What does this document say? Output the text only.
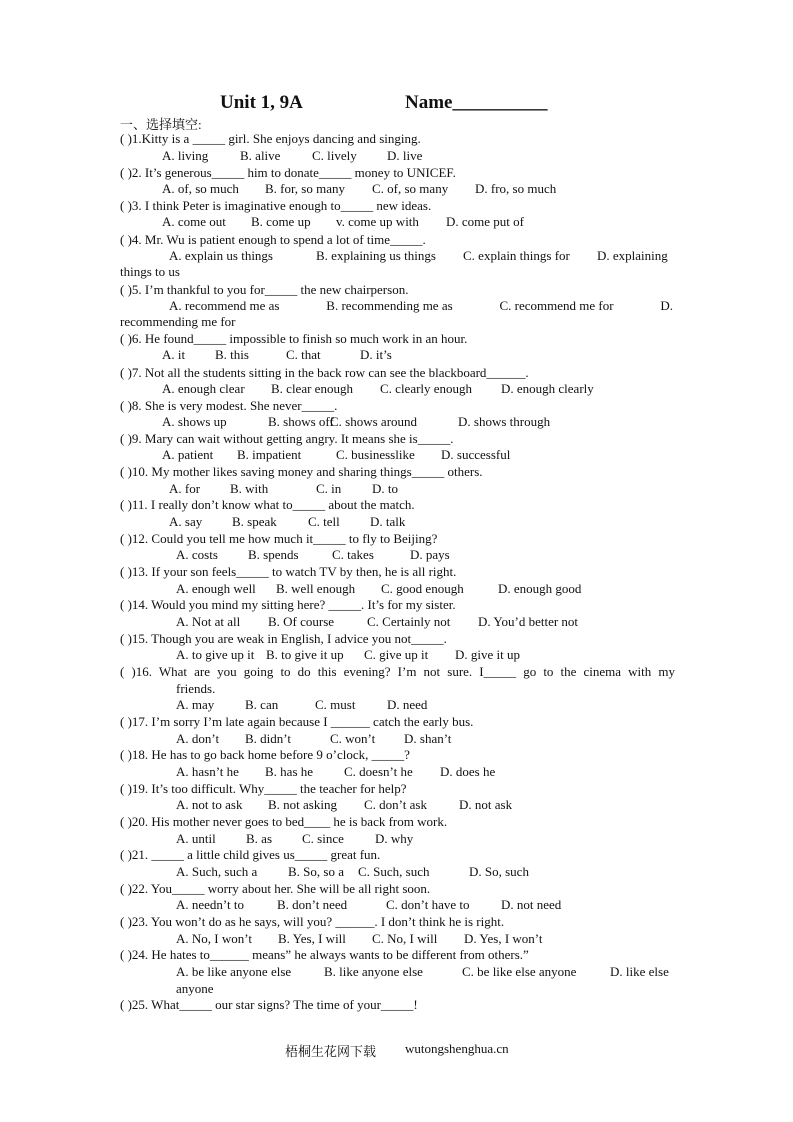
Unit 1, 9A	Name__________
一、选择填空:
( )1.Kitty is a _____ girl. She enjoys dancing and singing.
A. living B. alive C. lively D. live
( )2. It’s generous_____ him to donate_____ money to UNICEF.
A. of, so much B. for, so many C. of, so many D. fro, so much
( )3. I think Peter is imaginative enough to_____ new ideas.
A. come out B. come up v. come up with D. come put of
( )4. Mr. Wu is patient enough to spend a lot of time_____.
A. explain us things	B. explaining us things C. explain things for D. explaining
things to us
( )5. I’m thankful to you for_____ the new chairperson.
A. recommend me as	B. recommending me as	C. recommend me for	D.
recommending me for
( )6. He found_____ impossible to finish so much work in an hour.
A. it B. this	C. that	D. it’s
( )7. Not all the students sitting in the back row can see the blackboard______.
A. enough clear B. clear enough C. clearly enough D. enough clearly
( )8. She is very modest. She never_____.
A. shows up	B. shows off
C. shows around	D. shows through
( )9. Mary can wait without getting angry. It means she is_____.
A. patient B. impatient	C. businesslike D. successful
( )10. My mother likes saving money and sharing things_____ others.
A. for B. with	C. in D. to
( )11. I really don’t know what to_____ about the match.
A. say B. speak C. tell D. talk
( )12. Could you tell me how much it_____ to fly to Beijing?
A. costs B. spends	C. takes	D. pays
( )13. If your son feels_____ to watch TV by then, he is all right.
A. enough well B. well enough C. good enough	D. enough good
( )14. Would you mind my sitting here? _____. It’s for my sister.
A. Not at all B. Of course	C. Certainly not D. You’d better not
( )15. Though you are weak in English, I advice you not_____.
A. to give up it B. to give it up C. give up it D. give it up
( )16. What are you going to do this evening? I’m not sure. I_____ go to the cinema with my
A. may B. can	C. must D. need
friends.
( )17. I’m sorry I’m late again because I ______ catch the early bus.
A. don’t B. didn’t	C. won’t D. shan’t
( )18. He has to go back home before 9 o’clock, _____?
A. hasn’t he B. has he C. doesn’t he D. does he
( )19. It’s too difficult. Why_____ the teacher for help?
A. not to ask B. not asking C. don’t ask D. not ask
( )20. His mother never goes to bed____ he is back from work.
A. until B. as C. since D. why
( )21. _____ a little child gives us_____ great fun.
A. Such, such a B. So, so a C. Such, such	D. So, such
( )22. You_____ worry about her. She will be all right soon.
A. needn’t to	B. don’t need	C. don’t have to D. not need
( )23. You won’t do as he says, will you? ______. I don’t think he is right.
A. No, I won’t B. Yes, I will C. No, I will D. Yes, I won’t
( )24. He hates to______ means” he always wants to be different from others.”
A. be like anyone else	B. like anyone else	C. be like else anyone	D. like else
anyone
( )25. What_____ our star signs? The time of your_____!
梧桐生花网下载 wutongshenghua.cn
